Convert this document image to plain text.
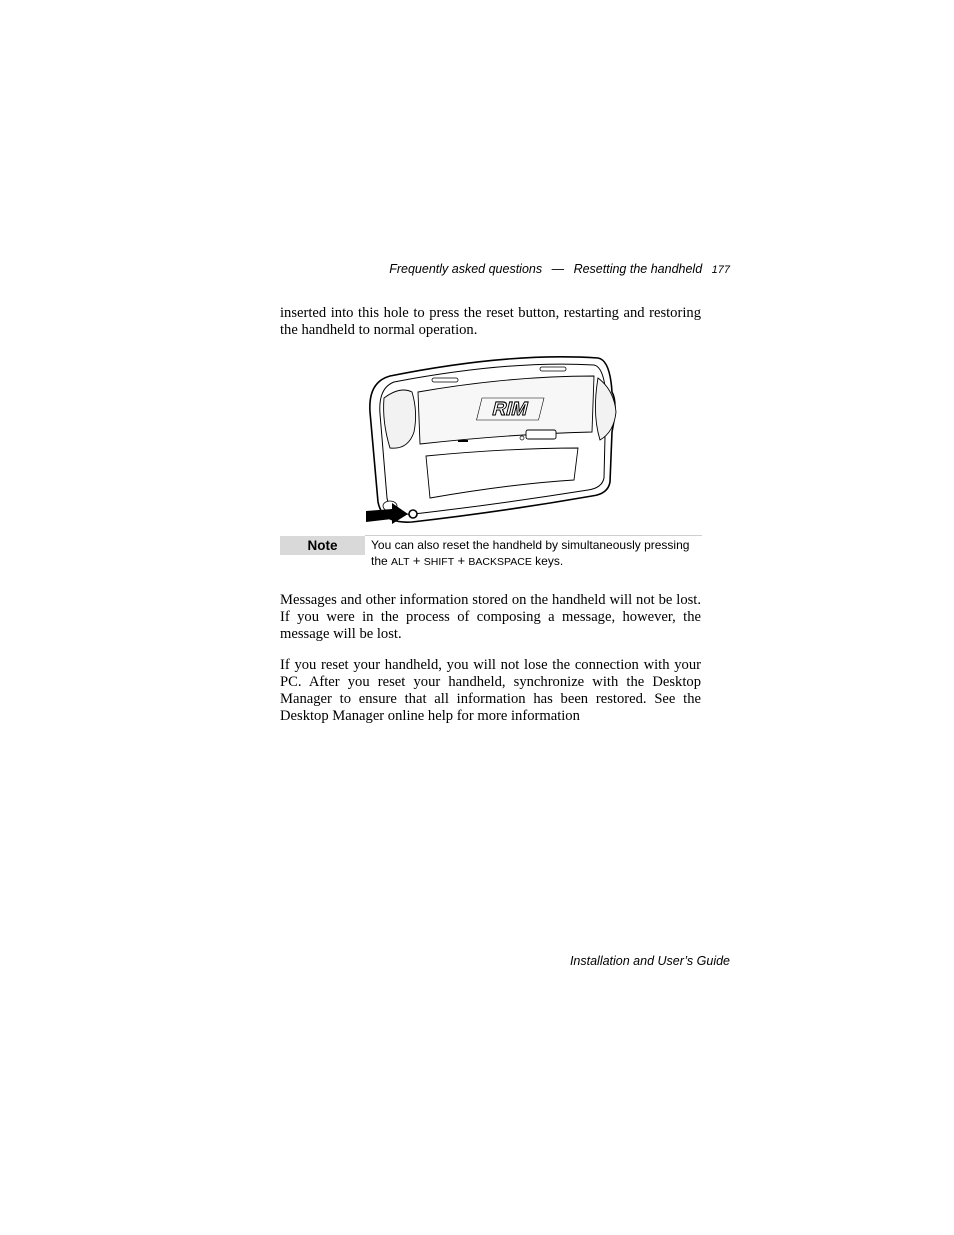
Frequently asked questions — Resetting the handheld 177

inserted into this hole to press the reset button, restarting and restoring the handheld to normal operation.

RIM
Note	You can also reset the handheld by simultaneously pressing the ALT + SHIFT + BACKSPACE keys.

Messages and other information stored on the handheld will not be lost. If you were in the process of composing a message, however, the message will be lost.

If you reset your handheld, you will not lose the connection with your PC. After you reset your handheld, synchronize with the Desktop Manager to ensure that all information has been restored. See the Desktop Manager online help for more information

Installation and User’s Guide
